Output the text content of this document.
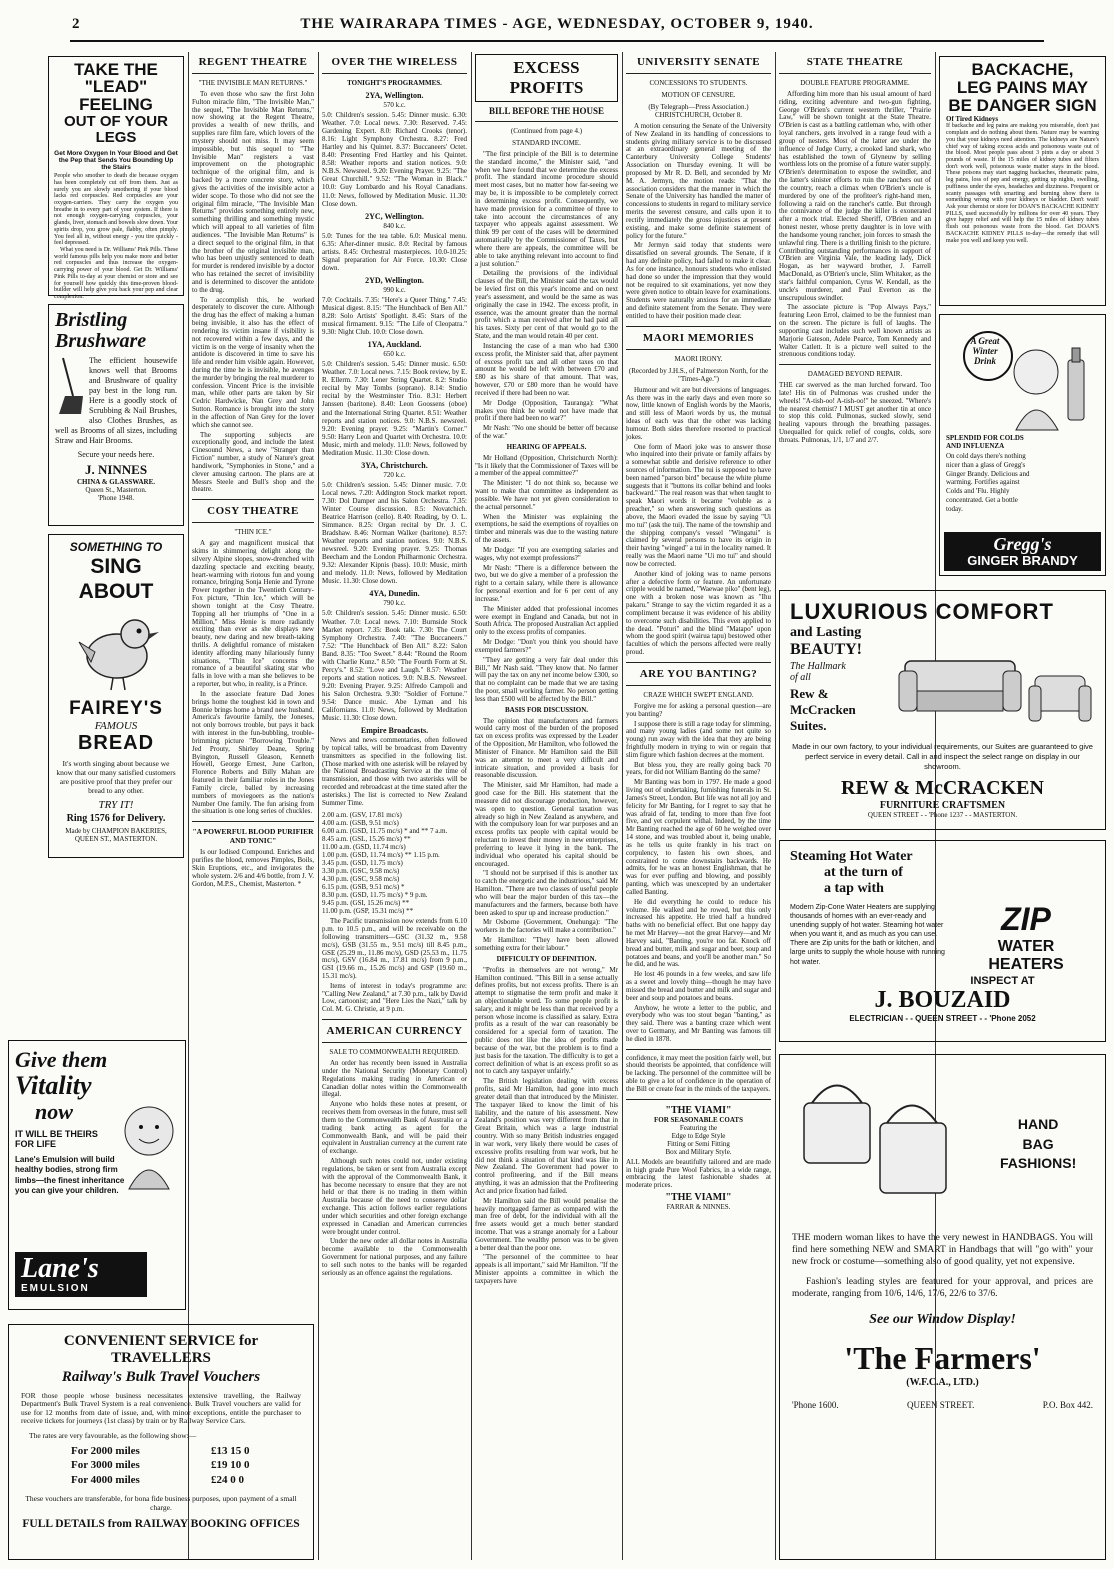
2	THE WAIRARAPA TIMES - AGE, WEDNESDAY, OCTOBER 9, 1940.
TAKE THE
"LEAD" FEELING
OUT OF YOUR LEGS
Get More Oxygen In Your Blood and Get the Pep that Sends You Bounding Up the Stairs
People who smother to death die because oxygen has been completely cut off from them. Just as surely you are slowly smothering if your blood lacks red corpuscles. Red corpuscles are your oxygen-carriers. They carry the oxygen you breathe in to every part of your system. If there is not enough oxygen-carrying corpuscles, your glands, liver, stomach and bowels slow down. Your spirits drop, you grow pale, flabby, often pimply. You feel all in, without energy - you tire quickly - feel depressed.
What you need is Dr. Williams' Pink Pills. These world famous pills help you make more and better red corpuscles and thus increase the oxygen-carrying power of your blood. Get Dr. Williams' Pink Pills to-day at your chemist or store and see for yourself how quickly this time-proven blood-builder will help give you back your pep and clear complexion.
Bristling
Brushware
The efficient housewife knows well that Brooms and Brushware of quality pay best in the long run. Here is a goodly stock of Scrubbing & Nail Brushes, also Clothes Brushes, as well as Brooms of all sizes, including Straw and Hair Brooms.
Secure your needs here.
J. NINNES
CHINA & GLASSWARE.
Queen St., Masterton.
'Phone 1948.
SOMETHING TO
SING ABOUT
FAIREY'S
FAMOUS
BREAD
It's worth singing about because we know that our many satisfied customers are positive proof that they prefer our bread to any other.
TRY IT!
Ring 1576 for Delivery.
Made by CHAMPION BAKERIES,
QUEEN ST., MASTERTON.
Give them
Vitality
now
IT WILL BE THEIRS
FOR LIFE
Lane's Emulsion will build healthy bodies, strong firm limbs—the finest inheritance you can give your children.
Lane's
EMULSION
CONVENIENT SERVICE for TRAVELLERS
Railway's Bulk Travel Vouchers
FOR those people whose business necessitates extensive travelling, the Railway Department's Bulk Travel System is a real convenience. Bulk Travel vouchers are valid for use for 12 months from date of issue, and, with minor exceptions, entitle the purchaser to receive tickets for journeys (1st class) by train or by Railway Service Cars.
The rates are very favourable, as the following show:—
For 2000 miles	£13 15 0
For 3000 miles	£19 10 0
For 4000 miles	£24 0 0
These vouchers are transferable, for bona fide business purposes, upon payment of a small charge.
FULL DETAILS from RAILWAY BOOKING OFFICES
REGENT THEATRE
"THE INVISIBLE MAN RETURNS."

To even those who saw the first John Fulton miracle film, "The Invisible Man," the sequel, "The Invisible Man Returns," now showing at the Regent Theatre, provides a wealth of new thrills, and supplies rare film fare, which lovers of the mystery should not miss. It may seem impossible, but this sequel to "The Invisible Man" registers a vast improvement on the photographic technique of the original film, and is backed by a more concrete story, which gives the activities of the invisible actor a wider scope. To those who did not see the original film miracle, "The Invisible Man Returns" provides something entirely new, something thrilling and something mystic which will appeal to all varieties of film audiences. "The Invisible Man Returns" is a direct sequel to the original film, in that the brother of the original invisible man, who has been unjustly sentenced to death for murder is rendered invisible by a doctor who has retained the secret of invisibility and is determined to discover the antidote to the drug.

To accomplish this, he worked desperately to discover the cure. Although the drug has the effect of making a human being invisible, it also has the effect of rendering its victim insane if visibility is not recovered within a few days, and the victim is on the verge of insanity when the antidote is discovered in time to save his life and render him visible again. However, during the time he is invisible, he avenges the murder by bringing the real murderer to confession. Vincent Price is the invisible man, while other parts are taken by Sir Cedric Hardwicke, Nan Grey and John Sutton. Romance is brought into the story in the affection of Nan Grey for the lover which she cannot see.

The supporting subjects are exceptionally good, and include the latest Cinesound News, a new "Stranger than Fiction" number, a study of Nature's great handiwork, "Symphonies in Stone," and a clever amusing cartoon. The plans are at Messrs Steele and Bull's shop and the theatre.

COSY THEATRE
"THIN ICE."

A gay and magnificent musical that skims in shimmering delight along the silvery Alpine slopes, snow-drenched with dazzling spectacle and exciting beauty, heart-warming with riotous fun and young romance, bringing Sonja Henie and Tyrone Power together in the Twentieth Century-Fox picture, "Thin Ice," which will be shown tonight at the Cosy Theatre. Topping all her triumphs of "One in a Million," Miss Henie is more radiantly exciting than ever as she displays new beauty, new daring and new breath-taking thrills. A delightful romance of mistaken identity affording many hilariously funny situations, "Thin Ice" concerns the romance of a beautiful skating star who falls in love with a man she believes to be a reporter, but who, in reality, is a Prince.

In the associate feature Dad Jones brings home the toughest kid in town and Bonnie brings home a brand new husband. America's favourite family, the Joneses, not only borrows trouble, but pays it back with interest in the fun-bubbling, trouble-brimming picture "Borrowing Trouble." Jed Prouty, Shirley Deane, Spring Byington, Russell Gleason, Kenneth Howell, George Ernest, June Carlton, Florence Roberts and Billy Mahan are featured in their familiar roles in the Jones Family circle, balled by increasing numbers of moviegoers as the nation's Number One family. The fun arising from the situation is one long series of chuckles.

"A POWERFUL BLOOD PURIFIER AND TONIC"
Is our Iodised Compound. Enriches and purifies the blood, removes Pimples, Boils, Skin Eruptions, etc., and invigorates the whole system. 2/6 and 4/6 bottle, from J. V. Gordon, M.P.S., Chemist, Masterton. *
OVER THE WIRELESS
TONIGHT'S PROGRAMMES.
2YA, Wellington.
570 k.c.
5.0: Children's session. 5.45: Dinner music. 6.30: Weather. 7.0: Local news. 7.30: Reserved. 7.45: Gardening Expert. 8.0: Richard Crooks (tenor). 8.16: Light Symphony Orchestra. 8.27: Fred Hartley and his Quintet. 8.37: Buccaneers' Octet. 8.40: Presenting Fred Hartley and his Quintet. 8.58: Weather reports and station notices. 9.0: N.B.S. Newsreel. 9.20: Evening Prayer. 9.25: "The Great Churchill." 9.52: "The Woman in Black." 10.0: Guy Lombardo and his Royal Canadians. 11.0: News, followed by Meditation Music. 11.30: Close down.
2YC, Wellington.
840 k.c.
5.0: Tunes for the tea table. 6.0: Musical menu. 6.35: After-dinner music. 8.0: Recital by famous artists. 8.45: Orchestral masterpieces. 10.0-10.25: Signal preparation for Air Force. 10.30: Close down.
2YD, Wellington.
990 k.c.
7.0: Cocktails. 7.35: "Here's a Queer Thing." 7.45: Musical digest. 8.15: "The Hunchback of Ben All." 8.28: Solo Artists' Spotlight. 8.45: Stars of the musical firmament. 9.15: "The Life of Cleopatra." 9.30: Night Club. 10.0: Close down.
1YA, Auckland.
650 k.c.
5.0: Children's session. 5.45: Dinner music. 6.50: Weather. 7.0: Local news. 7.15: Book review, by E. R. Ellerm. 7.30: Lener String Quartet. 8.2: Studio recital by May Tombs (soprano). 8.14: Studio recital by the Westminster Trio. 8.31: Herbert Janssen (baritone). 8.40: Leon Goossens (oboe) and the International String Quartet. 8.51: Weather reports and station notices. 9.0: N.B.S. newsreel. 9.20: Evening prayer. 9.25: "Martin's Corner." 9.50: Harry Leon and Quartet with Orchestra. 10.0: Music, mirth and melody. 11.0: News, followed by Meditation Music. 11.30: Close down.
3YA, Christchurch.
720 k.c.
5.0: Children's session. 5.45: Dinner music. 7.0: Local news. 7.20: Addington Stock market report. 7.30: Dol Damper and his Salon Orchestra. 7.35: Winter Course discussion. 8.5: Novatchich. Beatrice Harrison (cello). 8.40: Reading, by O. L. Simmance. 8.25: Organ recital by Dr. J. C. Bradshaw. 8.46: Norman Walker (baritone). 8.57: Weather reports and station notices. 9.0: N.B.S. newsreel. 9.20: Evening prayer. 9.25: Thomas Beecham and the London Philharmonic Orchestra. 9.32: Alexander Kipnis (bass). 10.0: Music, mirth and melody. 11.0: News, followed by Meditation Music. 11.30: Close down.
4YA, Dunedin.
790 k.c.
5.0: Children's session. 5.45: Dinner music. 6.50: Weather. 7.0: Local news. 7.10: Burnside Stock Market report. 7.35: Book talk. 7.30: The Court Symphony Orchestra. 7.40: "The Buccaneers." 7.52: "The Hunchback of Ben All." 8.22: Salon Band. 8.35: "Too Sweet." 8.44: "Round the Room with Charlie Kunz." 8.50: "The Fourth Form at St. Percy's." 8.52: "Love and Laugh." 8.57: Weather reports and station notices. 9.0: N.B.S. Newsreel. 9.20: Evening Prayer. 9.25: Alfredo Campoli and his Salon Orchestra. 9.30: "Soldier of Fortune." 9.54: Dance music. Abe Lyman and his Californians. 11.0: News, followed by Meditation Music. 11.30: Close down.
Empire Broadcasts.
News and news commentaries, often followed by topical talks, will be broadcast from Daventry transmitters as specified in the following list. (Those marked with one asterisk will be relayed by the National Broadcasting Service at the time of transmission, and those with two asterisks will be recorded and rebroadcast at the time stated after the asterisks.) The list is corrected to New Zealand Summer Time.
2.00 a.m. (GSV, 17.81 mc/s)
4.00 a.m. (GSB, 9.51 mc/s)
6.00 a.m. (GSD, 11.75 mc/s) * and ** 7 a.m.
8.45 a.m. (GSL, 15.26 mc/s) **
11.00 a.m. (GSD, 11.74 mc/s)
1.00 p.m. (GSD, 11.74 mc/s) ** 1.15 p.m.
3.45 p.m. (GSD, 11.75 mc/s)
3.30 p.m. (GSC, 9.58 mc/s)
4.30 p.m. (GSC, 9.58 mc/s)
6.15 p.m. (GSB, 9.51 mc/s) *
8.30 p.m. (GSD, 11.75 mc/s) * 9 p.m.
9.45 p.m. (GSI, 15.26 mc/s) **
11.00 p.m. (GSP, 15.31 mc/s) **
The Pacific transmission now extends from 6.10 p.m. to 10.5 p.m., and will be receivable on the following transmitters—GSC (31.32 m., 9.58 mc/s), GSB (31.55 m., 9.51 mc/s) till 8.45 p.m., GSE (25.29 m., 11.86 mc/s), GSD (25.53 m., 11.75 mc/s), GSV (16.84 m., 17.81 mc/s) from 9 p.m., GSI (19.66 m., 15.26 mc/s) and GSP (19.60 m., 15.31 mc/s).
Items of interest in today's programme are: "Calling New Zealand," at 7.30 p.m., talk by David Low, cartoonist; and "Here Lies the Nazi," talk by Col. M. G. Christie, at 9 p.m.
AMERICAN CURRENCY
SALE TO COMMONWEALTH REQUIRED.

An order has recently been issued in Australia under the National Security (Monetary Control) Regulations making trading in American or Canadian dollar notes within the Commonwealth illegal.

Anyone who holds these notes at present, or receives them from overseas in the future, must sell them to the Commonwealth Bank of Australia or a trading bank acting as agent for the Commonwealth Bank, and will be paid their equivalent in Australian currency at the current rate of exchange.

Although such notes could not, under existing regulations, be taken or sent from Australia except with the approval of the Commonwealth Bank, it has become necessary to ensure that they are not held or that there is no trading in them within Australia because of the need to conserve dollar exchange. This action follows earlier regulations under which securities and other foreign exchange expressed in Canadian and American currencies were brought under control.

Under the new order all dollar notes in Australia become available to the Commonwealth Government for national purposes, and any failure to sell such notes to the banks will be regarded seriously as an offence against the regulations.

EXCESS PROFITS
BILL BEFORE THE HOUSE
(Continued from page 4.)
STANDARD INCOME.

"The first principle of the Bill is to determine the standard income," the Minister said, "and when we have found that we determine the excess profit. The standard income procedure should meet most cases, but no matter how far-seeing we may be, it is impossible to be completely correct in determining excess profit. Consequently, we have made provision for a committee of three to take into account the circumstances of any taxpayer who appeals against assessment. We think 99 per cent of the cases will be determined automatically by the Commissioner of Taxes, but where there are appeals, the committee will be able to take anything relevant into account to find a just solution."

Detailing the provisions of the individual clauses of the Bill, the Minister said the tax would be levied first on this year's income and on next year's assessment, and would be the same as was originally the case in 1942. The excess profit, in essence, was the amount greater than the normal profit which a man received after he had paid all his taxes. Sixty per cent of that would go to the State, and the man would retain 40 per cent.

Instancing the case of a man who had £300 excess profit, the Minister said that, after payment of excess profit tax and all other taxes on that amount he would be left with between £70 and £80 as his share of that amount. That was, however, £70 or £80 more than he would have received if there had been no war.

Mr Dodge (Opposition, Tauranga): "What makes you think he would not have made that profit if there had been no war?"

Mr Nash: "No one should be better off because of the war."

HEARING OF APPEALS.

Mr Holland (Opposition, Christchurch North): "Is it likely that the Commissioner of Taxes will be a member of the appeal committee?"

The Minister: "I do not think so, because we want to make that committee as independent as possible. We have not yet given consideration to the actual personnel."

When the Minister was explaining the exemptions, he said the exemptions of royalties on timber and minerals was due to the wasting nature of the assets.

Mr Dodge: "If you are exempting salaries and wages, why not exempt professions?"

Mr Nash: "There is a difference between the two, but we do give a member of a profession the right to a certain salary, while there is allowance for personal exertion and for 6 per cent of any increase."

The Minister added that professional incomes were exempt in England and Canada, but not in South Africa. The proposed Australian Act applied only to the excess profits of companies.

Mr Dodge: "Don't you think you should have exempted farmers?"

"They are getting a very fair deal under this Bill," Mr Nash said. "They know that. No farmer will pay the tax on any net income below £300, so that no complaint can be made that we are taxing the poor, small working farmer. No person getting less than £500 will be affected by the Bill."

BASIS FOR DISCUSSION.

The opinion that manufacturers and farmers would carry most of the burden of the proposed tax on excess profits was expressed by the Leader of the Opposition, Mr Hamilton, who followed the Minister of Finance. Mr Hamilton said the Bill was an attempt to meet a very difficult and intricate situation, and provided a basis for reasonable discussion.

The Minister, said Mr Hamilton, had made a good case for the Bill. His statement that the measure did not discourage production, however, was open to question. General taxation was already so high in New Zealand as anywhere, and with the compulsory loan for war purposes and an excess profits tax people with capital would be reluctant to invest their money in new enterprises, preferring to leave it lying in the bank. The individual who operated his capital should be encouraged.

"I should not be surprised if this is another tax to catch the energetic and the industrious," said Mr Hamilton. "There are two classes of useful people who will bear the major burden of this tax—the manufacturers and the farmers, because both have been asked to spur up and increase production."

Mr Osborne (Government, Onehunga): "The workers in the factories will make a contribution."

Mr Hamilton: "They have been allowed something extra for their labour."

DIFFICULTY OF DEFINITION.

"Profits in themselves are not wrong," Mr Hamilton continued. "This Bill in a sense actually defines profits, but not excess profits. There is an attempt to stigmatise the term profit and make it an objectionable word. To some people profit is salary, and it might be less than that received by a person whose income is classified as salary. Extra profits as a result of the war can reasonably be considered for a special form of taxation. The public does not like the idea of profits made because of the war, but the problem is to find a just basis for the taxation. The difficulty is to get a correct definition of what is an excess profit so as not to catch any taxpayer unfairly."

The British legislation dealing with excess profits, said Mr Hamilton, had gone into much greater detail than that introduced by the Minister. The taxpayer liked to know the limit of his liability, and the nature of his assessment. New Zealand's position was very different from that in Great Britain, which was a large industrial country. With so many British industries engaged in war work, very likely there would be cases of excessive profits resulting from war work, but he did not think a situation of that kind was like in New Zealand. The Government had power to control profiteering, and if the Bill means anything, it was an admission that the Profiteering Act and price fixation had failed.

Mr Hamilton said the Bill would penalise the heavily mortgaged farmer as compared with the man free of debt, for the individual with all the free assets would get a much better standard income. That was a strange anomaly for a Labour Government. The wealthy person was to be given a better deal than the poor one.

"The personnel of the committee to hear appeals is all important," said Mr Hamilton. "If the Minister appoints a committee in which the taxpayers have

UNIVERSITY SENATE
CONCESSIONS TO STUDENTS.
MOTION OF CENSURE.
(By Telegraph—Press Association.) CHRISTCHURCH, October 8.

A motion censuring the Senate of the University of New Zealand in its handling of concessions to students giving military service is to be discussed at an extraordinary general meeting of the Canterbury University College Students' Association on Thursday evening. It will be proposed by Mr R. D. Bell, and seconded by Mr M. A. Jermyn, the motion reads: "That the association considers that the manner in which the Senate of the University has handled the matter of concessions to students in regard to military service merits the severest censure, and calls upon it to rectify immediately the gross injustices at present existing, and make some definite statement of policy for the future."

Mr Jermyn said today that students were dissatisfied on several grounds. The Senate, if it had any definite policy, had failed to make it clear. As for one instance, honours students who enlisted had done so under the impression that they would not be required to sit examinations, yet now they were given notice to obtain leave for examinations. Students were naturally anxious for an immediate and definite statement from the Senate. They were entitled to have their position made clear.

MAORI MEMORIES
MAORI IRONY.
(Recorded by J.H.S., of Palmerston North, for the "Times-Age.")

Humour and wit are but diversions of languages. As there was in the early days and even more so now, little known of English words by the Maoris, and still less of Maori words by us, the mutual ideas of each was that the other was lacking humour. Both sides therefore resorted to practical jokes.

One form of Maori joke was to answer those who inquired into their private or family affairs by a somewhat subtle and derisive reference to other sources of information. The tui is supposed to have been named "parson bird" because the white plume suggests that it "buttons its collar behind and looks backward." The real reason was that when taught to speak Maori words it became "voluble as a preacher," so when answering such questions as above, the Maori evaded the issue by saying "Ui mo tui" (ask the tui). The name of the township and the shipping company's vessel "Wingatui" is claimed by several persons to have its origin in their having "winged" a tui in the locality named. It really was the Maori name "Ui mo tui" and should now be corrected.

Another kind of joking was to name persons after a defective form or feature. An unfortunate cripple would be named, "Waewae piko" (bent leg), one with a broken nose was known as "Ihu pakaru." Strange to say the victim regarded it as a compliment because it was evidence of his ability to overcome such disabilities. This even applied to the dead. "Poturi" and the blind "Matapo" upon whom the good spirit (wairua tapu) bestowed other faculties of which the persons affected were really proud.

ARE YOU BANTING?
CRAZE WHICH SWEPT ENGLAND.

Forgive me for asking a personal question—are you banting?

I suppose there is still a rage today for slimming, and many young ladies (and some not quite so young) run away with the idea that they are being frightfully modern in trying to win or regain that slim figure which fashion decrees at the moment.

But bless you, they are really going back 70 years, for did not William Banting do the same?

Mr Banting was born in 1797. He made a good living out of undertaking, furnishing funerals in St. James's Street, London. But life was not all joy and felicity for Mr Banting, for I regret to say that he was afraid of fat, tending to more than five foot five, and yet corpulent withal. Indeed, by the time Mr Banting reached the age of 60 he weighed over 14 stone, and was troubled about it, being unable, as he tells us quite frankly in his tract on corpulency, to fasten his own shoes, and constrained to come downstairs backwards. He admits, for he was an honest Englishman, that he was for ever puffing and blowing, and possibly panting, which was unexcepted by an undertaker called Banting.

He did everything he could to reduce his volume. He walked and he rowed, but this only increased his appetite. He tried half a hundred baths with no beneficial effect. But one happy day he met Mr Harvey—not the great Harvey—and Mr Harvey said, "Banting, you're too fat. Knock off bread and butter, milk and sugar and beer, soup and potatoes and beans, and you'll be another man." So he did, and he was.

He lost 46 pounds in a few weeks, and saw life as a sweet and lovely thing—though he may have missed the bread and butter and milk and sugar and beer and soup and potatoes and beans.

Anyhow, he wrote a letter to the public, and everybody who was too stout began "banting," as they said. There was a banting craze which went over to Germany, and Mr Banting was famous till he died in 1878.

confidence, it may meet the position fairly well, but should theorists be appointed, that confidence will be lacking. The personnel of the committee will be able to give a lot of confidence in the operation of the Bill or create fear in the minds of the taxpayers.
"THE VIAMI"
FOR SEASONABLE COATS
Featuring the
Edge to Edge Style
Fitting or Semi Fitting
Box and Military Style.
ALL Models are beautifully tailored and are made in high grade Pure Wool Fabrics, in a wide range, embracing the latest fashionable shades at moderate prices.
"THE VIAMI"
FARRAR & NINNES.
STATE THEATRE
DOUBLE FEATURE PROGRAMME.

Affording him more than his usual amount of hard riding, exciting adventure and two-gun fighting, George O'Brien's current western thriller, "Prairie Law," will be shown tonight at the State Theatre. O'Brien is cast as a battling cattleman who, with other loyal ranchers, gets involved in a range feud with a group of nesters. Most of the latter are under the influence of Judge Curry, a crooked land shark, who has established the town of Glyneuw by selling worthless lots on the promise of a future water supply. O'Brien's determination to expose the swindler, and the latter's sinister efforts to ruin the ranchers out of the country, reach a climax when O'Brien's uncle is murdered by one of the profiteer's right-hand men, following a raid on the rancher's cattle. But through the connivance of the judge the killer is exonerated after a mock trial. Elected Sheriff, O'Brien and an honest nester, whose pretty daughter is in love with the handsome young rancher, join forces to smash the unlawful ring. There is a thrilling finish to the picture. Contributing outstanding performances in support of O'Brien are Virginia Vale, the leading lady, Dick Hogan, as her wayward brother, J. Farrell MacDonald, as O'Brien's uncle, Slim Whitaker, as the star's faithful companion, Cyrus W. Kendall, as the uncle's murderer, and Paul Everton as the unscrupulous swindler.

The associate picture is "Pop Always Pays," featuring Leon Errol, claimed to be the funniest man on the screen. The picture is full of laughs. The supporting cast includes such well known artists as Marjorie Gateson, Adele Pearce, Tom Kennedy and Walter Catlett. It is a picture well suited to the strenuous conditions today.

DAMAGED BEYOND REPAIR.
THE car swerved as the man lurched forward. Too late! His tin of Pulmonas was crushed under the wheels! "A-tish-oo! A-tish-oo!" he sneezed. "Where's the nearest chemist? I MUST get another tin at once to stop this cold. Pulmonas, sucked slowly, send healing vapours through the breathing passages. Unequalled for quick relief of coughs, colds, sore throats. Pulmonas, 1/1, 1/7 and 2/7.
BACKACHE,
LEG PAINS MAY
BE DANGER SIGN
Of Tired Kidneys
If backache and leg pains are making you miserable, don't just complain and do nothing about them. Nature may be warning you that your kidneys need attention. The kidneys are Nature's chief way of taking excess acids and poisonous waste out of the blood. Most people pass about 3 pints a day or about 3 pounds of waste. If the 15 miles of kidney tubes and filters don't work well, poisonous waste matter stays in the blood. These poisons may start nagging backaches, rheumatic pains, leg pains, loss of pep and energy, getting up nights, swelling, puffiness under the eyes, headaches and dizziness. Frequent or scanty passages with smarting and burning show there is something wrong with your kidneys or bladder. Don't wait! Ask your chemist or store for DOAN'S BACKACHE KIDNEY PILLS, used successfully by millions for over 40 years. They give happy relief and will help the 15 miles of kidney tubes flush out poisonous waste from the blood. Get DOAN'S BACKACHE KIDNEY PILLS to-day—the remedy that will make you well and keep you well.
A Great
Winter
Drink
SPLENDID FOR COLDS AND INFLUENZA
On cold days there's nothing nicer than a glass of Gregg's Ginger Brandy. Delicious and warming. Fortifies against Colds and 'Flu. Highly concentrated. Get a bottle today.
Gregg's
GINGER BRANDY
LUXURIOUS COMFORT
and Lasting
BEAUTY!
The Hallmark
of all
Rew &
McCracken
Suites.
Made in our own factory, to your individual requirements, our Suites are guaranteed to give perfect service in every detail. Call in and inspect the select range on display in our showroom.
REW & McCRACKEN
FURNITURE CRAFTSMEN
QUEEN STREET - - 'Phone 1237 - - MASTERTON.
Steaming Hot Water
at the turn of
a tap with
Modern Zip-Cone Water Heaters are supplying thousands of homes with an ever-ready and unending supply of hot water. Steaming hot water when you want it, and as much as you can use. There are Zip units for the bath or kitchen, and large units to supply the whole house with running hot water.
ZIP
WATER
HEATERS
INSPECT AT
J. BOUZAID
ELECTRICIAN - - QUEEN STREET - - 'Phone 2052
HAND
BAG
FASHIONS!
THE modern woman likes to have the very newest in HANDBAGS. You will find here something NEW and SMART in Handbags that will "go with" your new frock or costume—something also of good quality, yet not expensive.
Fashion's leading styles are featured for your approval, and prices are moderate, ranging from 10/6, 14/6, 17/6, 22/6 to 37/6.
See our Window Display!
'The Farmers'
(W.F.C.A., LTD.)
'Phone 1600.	QUEEN STREET.	P.O. Box 442.
